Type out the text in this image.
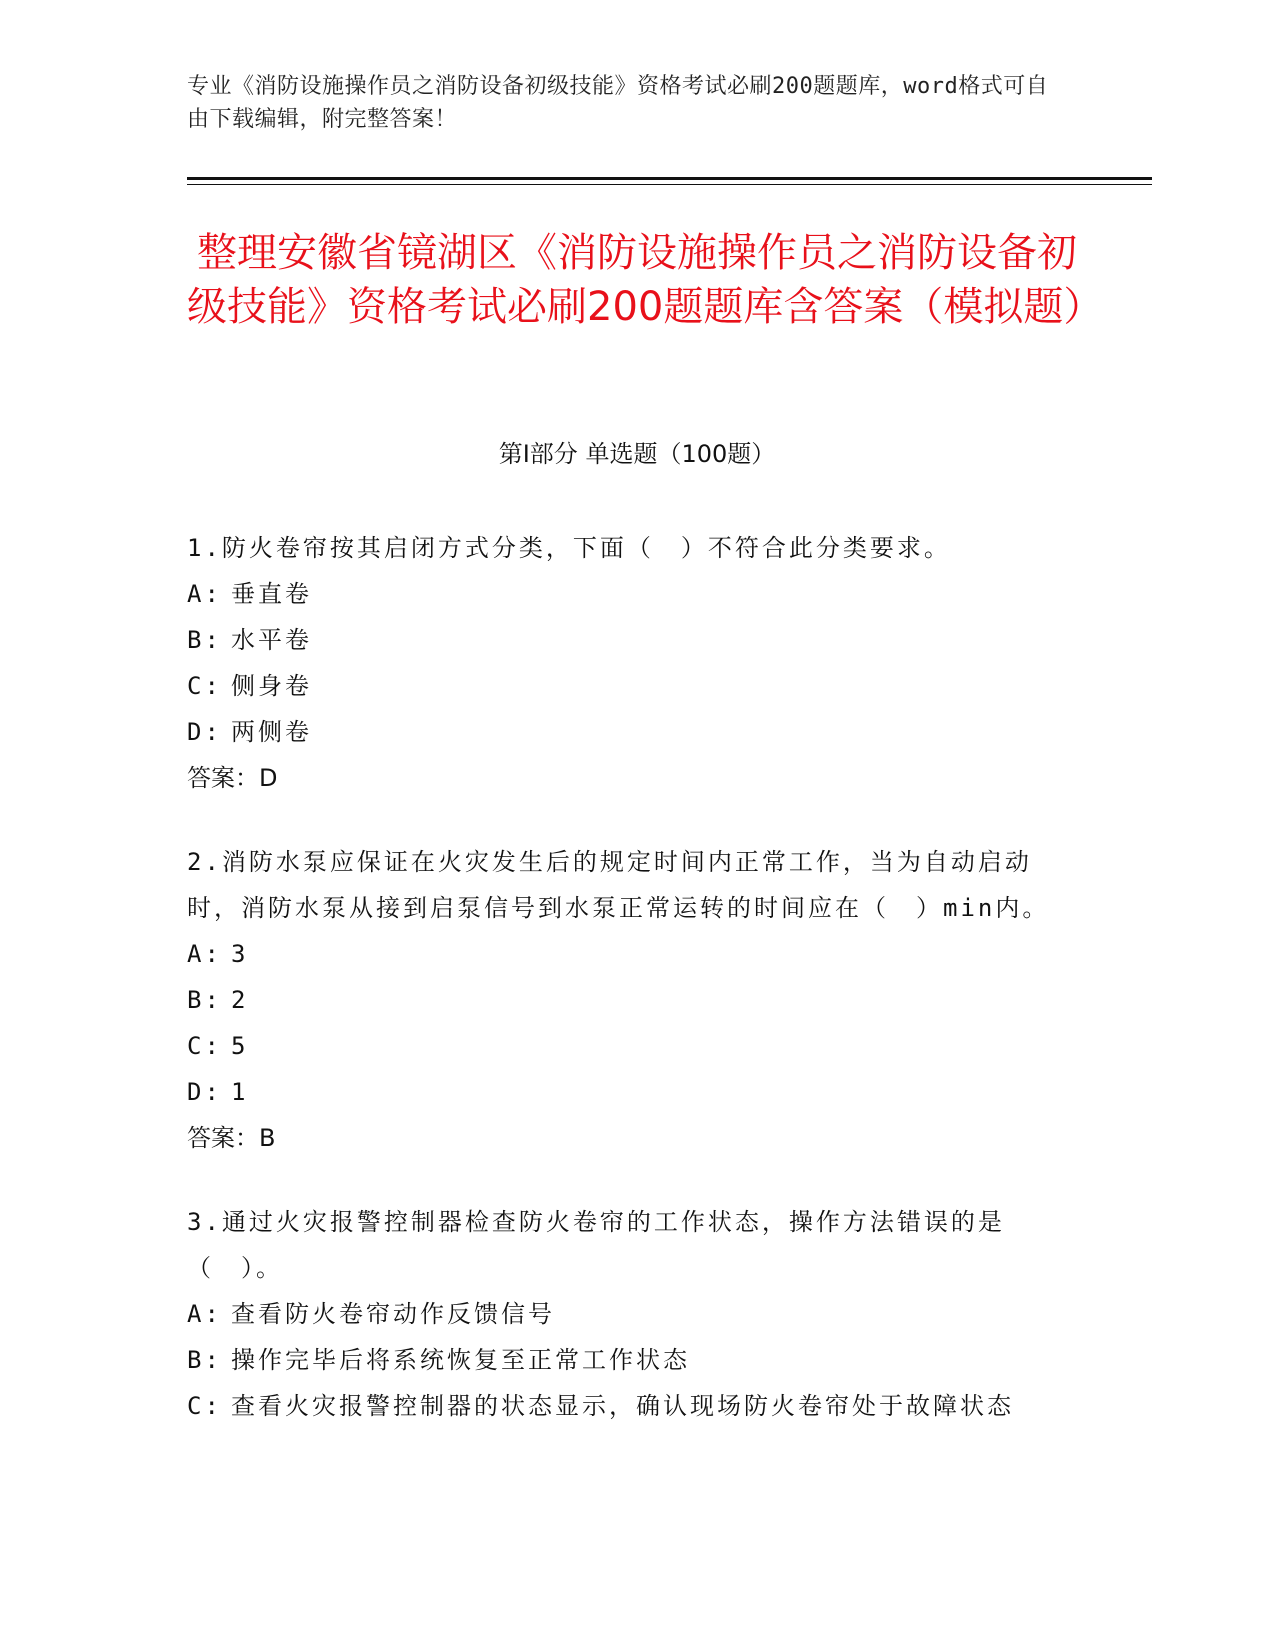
专业《消防设施操作员之消防设备初级技能》资格考试必刷200题题库，word格式可自由下载编辑，附完整答案！
整理安徽省镜湖区《消防设施操作员之消防设备初级技能》资格考试必刷200题题库含答案（模拟题）
第Ⅰ部分 单选题（100题）
1.防火卷帘按其启闭方式分类，下面（　）不符合此分类要求。
A: 垂直卷
B: 水平卷
C: 侧身卷
D: 两侧卷
答案：D
2.消防水泵应保证在火灾发生后的规定时间内正常工作，当为自动启动时，消防水泵从接到启泵信号到水泵正常运转的时间应在（　）min内。
A: 3
B: 2
C: 5
D: 1
答案：B
3.通过火灾报警控制器检查防火卷帘的工作状态，操作方法错误的是（　）。
A: 查看防火卷帘动作反馈信号
B: 操作完毕后将系统恢复至正常工作状态
C: 查看火灾报警控制器的状态显示，确认现场防火卷帘处于故障状态
